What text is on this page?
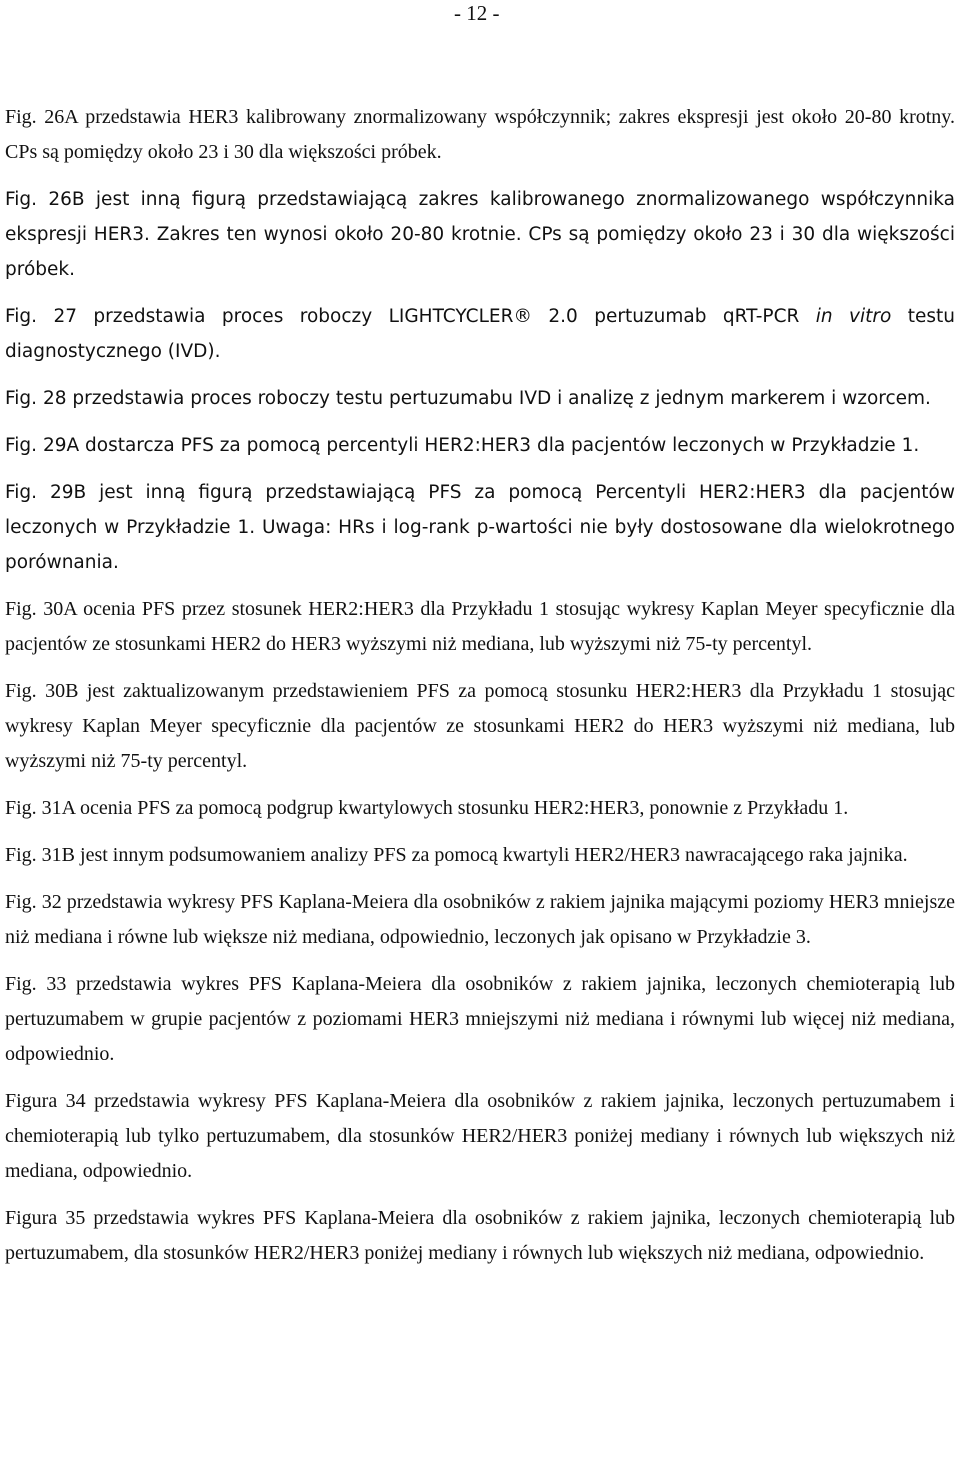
- 12 -

Fig. 26A przedstawia HER3 kalibrowany znormalizowany współczynnik; zakres ekspresji jest około 20-80 krotny. CPs są pomiędzy około 23 i 30 dla większości próbek.

Fig. 26B jest inną figurą przedstawiającą zakres kalibrowanego znormalizowanego współczynnika ekspresji HER3. Zakres ten wynosi około 20-80 krotnie. CPs są pomiędzy około 23 i 30 dla większości próbek.

Fig. 27 przedstawia proces roboczy LIGHTCYCLER® 2.0 pertuzumab qRT-PCR in vitro testu diagnostycznego (IVD).

Fig. 28 przedstawia proces roboczy testu pertuzumabu IVD i analizę z jednym markerem i wzorcem.

Fig. 29A dostarcza PFS za pomocą percentyli HER2:HER3 dla pacjentów leczonych w Przykładzie 1.

Fig. 29B jest inną figurą przedstawiającą PFS za pomocą Percentyli HER2:HER3 dla pacjentów leczonych w Przykładzie 1. Uwaga: HRs i log-rank p-wartości nie były dostosowane dla wielokrotnego porównania.

Fig. 30A ocenia PFS przez stosunek HER2:HER3 dla Przykładu 1 stosując wykresy Kaplan Meyer specyficznie dla pacjentów ze stosunkami HER2 do HER3 wyższymi niż mediana, lub wyższymi niż 75-ty percentyl.

Fig. 30B jest zaktualizowanym przedstawieniem PFS za pomocą stosunku HER2:HER3 dla Przykładu 1 stosując wykresy Kaplan Meyer specyficznie dla pacjentów ze stosunkami HER2 do HER3 wyższymi niż mediana, lub wyższymi niż 75-ty percentyl.

Fig. 31A ocenia PFS za pomocą podgrup kwartylowych stosunku HER2:HER3, ponownie z Przykładu 1.

Fig. 31B jest innym podsumowaniem analizy PFS za pomocą kwartyli HER2/HER3 nawracającego raka jajnika.

Fig. 32 przedstawia wykresy PFS Kaplana-Meiera dla osobników z rakiem jajnika mającymi poziomy HER3 mniejsze niż mediana i równe lub większe niż mediana, odpowiednio, leczonych jak opisano w Przykładzie 3.

Fig. 33 przedstawia wykres PFS Kaplana-Meiera dla osobników z rakiem jajnika, leczonych chemioterapią lub pertuzumabem w grupie pacjentów z poziomami HER3 mniejszymi niż mediana i równymi lub więcej niż mediana, odpowiednio.

Figura 34 przedstawia wykresy PFS Kaplana-Meiera dla osobników z rakiem jajnika, leczonych pertuzumabem i chemioterapią lub tylko pertuzumabem, dla stosunków HER2/HER3 poniżej mediany i równych lub większych niż mediana, odpowiednio.

Figura 35 przedstawia wykres PFS Kaplana-Meiera dla osobników z rakiem jajnika, leczonych chemioterapią lub pertuzumabem, dla stosunków HER2/HER3 poniżej mediany i równych lub większych niż mediana, odpowiednio.
